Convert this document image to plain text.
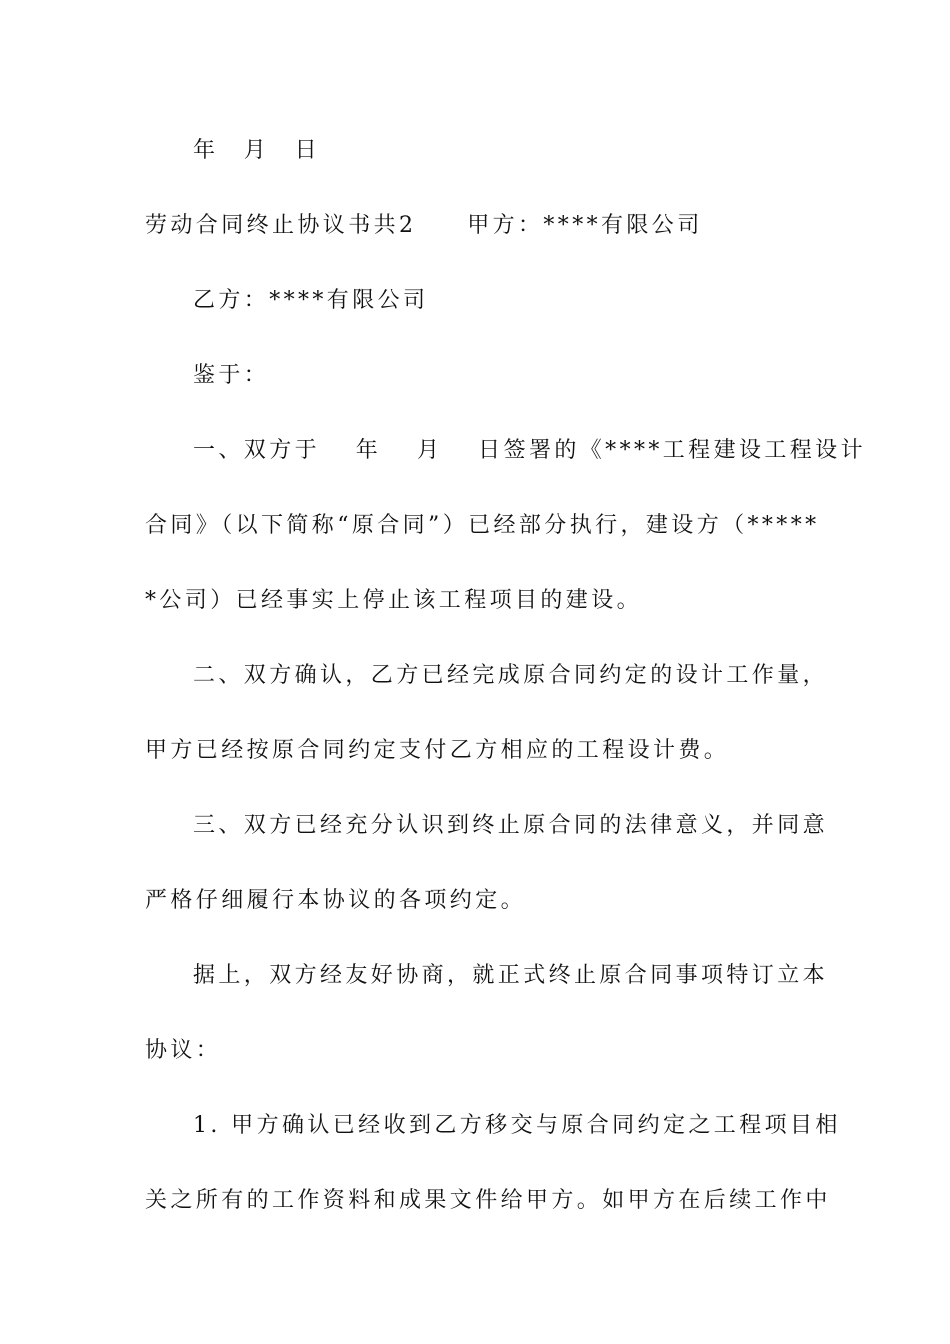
年　月　日
劳动合同终止协议书共2　　甲方：****有限公司
乙方：****有限公司
鉴于：
一、双方于　 年　 月　 日签署的《****工程建设工程设计
合同》（以下简称“原合同”）已经部分执行，建设方（*****
*公司）已经事实上停止该工程项目的建设。
二、双方确认，乙方已经完成原合同约定的设计工作量，
甲方已经按原合同约定支付乙方相应的工程设计费。
三、双方已经充分认识到终止原合同的法律意义，并同意
严格仔细履行本协议的各项约定。
据上，双方经友好协商，就正式终止原合同事项特订立本
协议：
1. 甲方确认已经收到乙方移交与原合同约定之工程项目相
关之所有的工作资料和成果文件给甲方。如甲方在后续工作中
